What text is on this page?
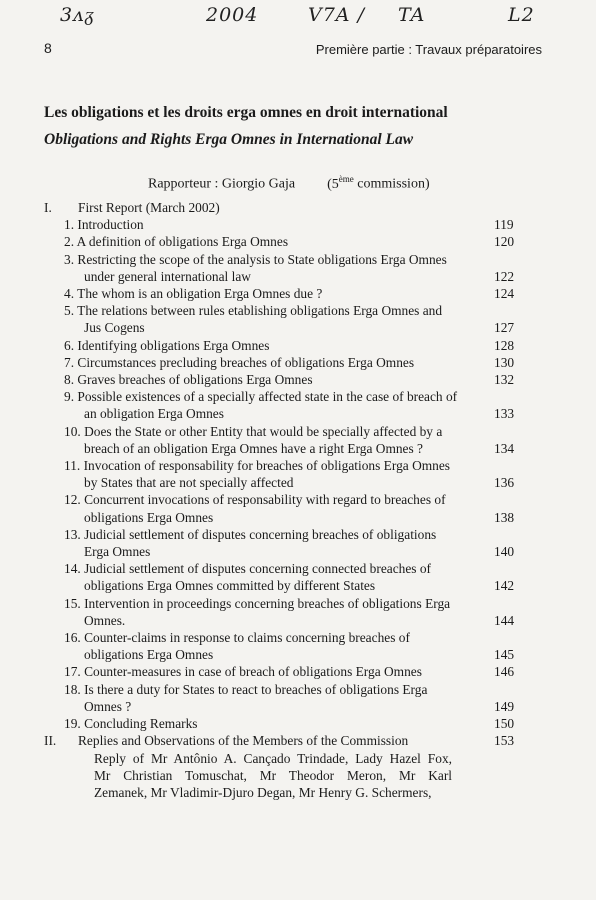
3ᴧᵹ	2004	V7A / TA	L2
8	Première partie : Travaux préparatoires
Les obligations et les droits erga omnes en droit international
Obligations and Rights Erga Omnes in International Law
Rapporteur : Giorgio Gaja (5ème commission)
I.	First Report (March 2002)
1. Introduction	119
2. A definition of obligations Erga Omnes	120
3. Restricting the scope of the analysis to State obligations Erga Omnes under general international law	122
4. The whom is an obligation Erga Omnes due ?	124
5. The relations between rules etablishing obligations Erga Omnes and Jus Cogens	127
6. Identifying obligations Erga Omnes	128
7. Circumstances precluding breaches of obligations Erga Omnes	130
8. Graves breaches of obligations Erga Omnes	132
9. Possible existences of a specially affected state in the case of breach of an obligation Erga Omnes	133
10. Does the State or other Entity that would be specially affected by a breach of an obligation Erga Omnes have a right Erga Omnes ?	134
11. Invocation of responsability for breaches of obligations Erga Omnes by States that are not specially affected	136
12. Concurrent invocations of responsability with regard to breaches of obligations Erga Omnes	138
13. Judicial settlement of disputes concerning breaches of obligations Erga Omnes	140
14. Judicial settlement of disputes concerning connected breaches of obligations Erga Omnes committed by different States	142
15. Intervention in proceedings concerning breaches of obligations Erga Omnes.	144
16. Counter-claims in response to claims concerning breaches of obligations Erga Omnes	145
17. Counter-measures in case of breach of obligations Erga Omnes	146
18. Is there a duty for States to react to breaches of obligations Erga Omnes ?	149
19. Concluding Remarks	150
II.	Replies and Observations of the Members of the Commission	153
Reply of Mr Antônio A. Cançado Trindade, Lady Hazel Fox,
Mr Christian Tomuschat, Mr Theodor Meron, Mr Karl
Zemanek, Mr Vladimir-Djuro Degan, Mr Henry G. Schermers,
